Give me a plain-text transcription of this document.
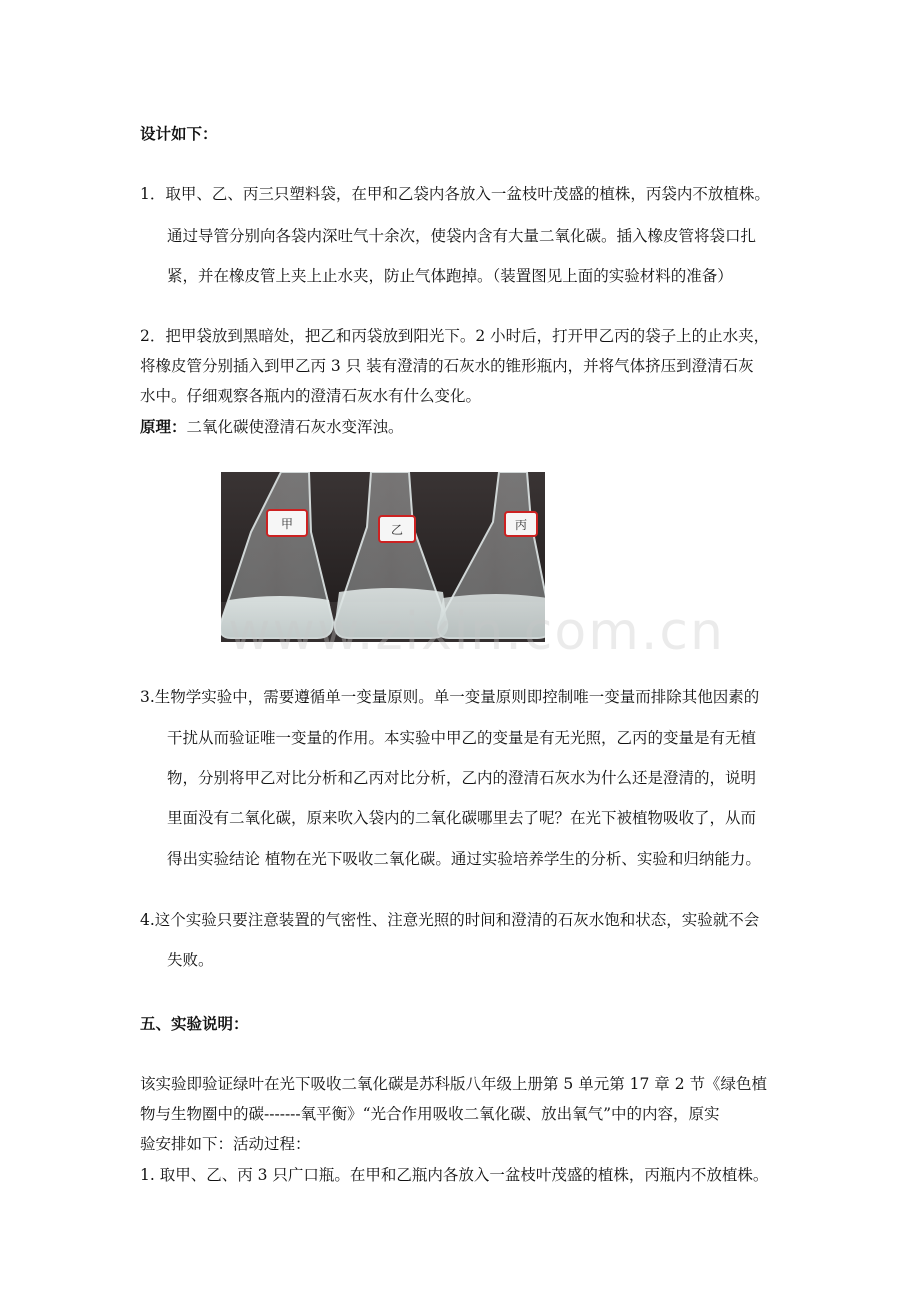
设计如下：
1．取甲、乙、丙三只塑料袋，在甲和乙袋内各放入一盆枝叶茂盛的植株，丙袋内不放植株。
通过导管分别向各袋内深吐气十余次，使袋内含有大量二氧化碳。插入橡皮管将袋口扎
紧，并在橡皮管上夹上止水夹，防止气体跑掉。（装置图见上面的实验材料的准备）
2．把甲袋放到黑暗处，把乙和丙袋放到阳光下。2 小时后，打开甲乙丙的袋子上的止水夹，
将橡皮管分别插入到甲乙丙 3 只 装有澄清的石灰水的锥形瓶内，并将气体挤压到澄清石灰
水中。仔细观察各瓶内的澄清石灰水有什么变化。
原理：二氧化碳使澄清石灰水变浑浊。
甲	乙	丙
www.zixin.com.cn
3.生物学实验中，需要遵循单一变量原则。单一变量原则即控制唯一变量而排除其他因素的
干扰从而验证唯一变量的作用。本实验中甲乙的变量是有无光照，乙丙的变量是有无植
物，分别将甲乙对比分析和乙丙对比分析，乙内的澄清石灰水为什么还是澄清的，说明
里面没有二氧化碳，原来吹入袋内的二氧化碳哪里去了呢？在光下被植物吸收了，从而
得出实验结论 植物在光下吸收二氧化碳。通过实验培养学生的分析、实验和归纳能力。
4.这个实验只要注意装置的气密性、注意光照的时间和澄清的石灰水饱和状态，实验就不会
失败。
五、实验说明：
该实验即验证绿叶在光下吸收二氧化碳是苏科版八年级上册第 5 单元第 17 章 2 节《绿色植
物与生物圈中的碳-------氧平衡》“光合作用吸收二氧化碳、放出氧气”中的内容，原实
验安排如下：活动过程：
1. 取甲、乙、丙 3 只广口瓶。在甲和乙瓶内各放入一盆枝叶茂盛的植株，丙瓶内不放植株。
